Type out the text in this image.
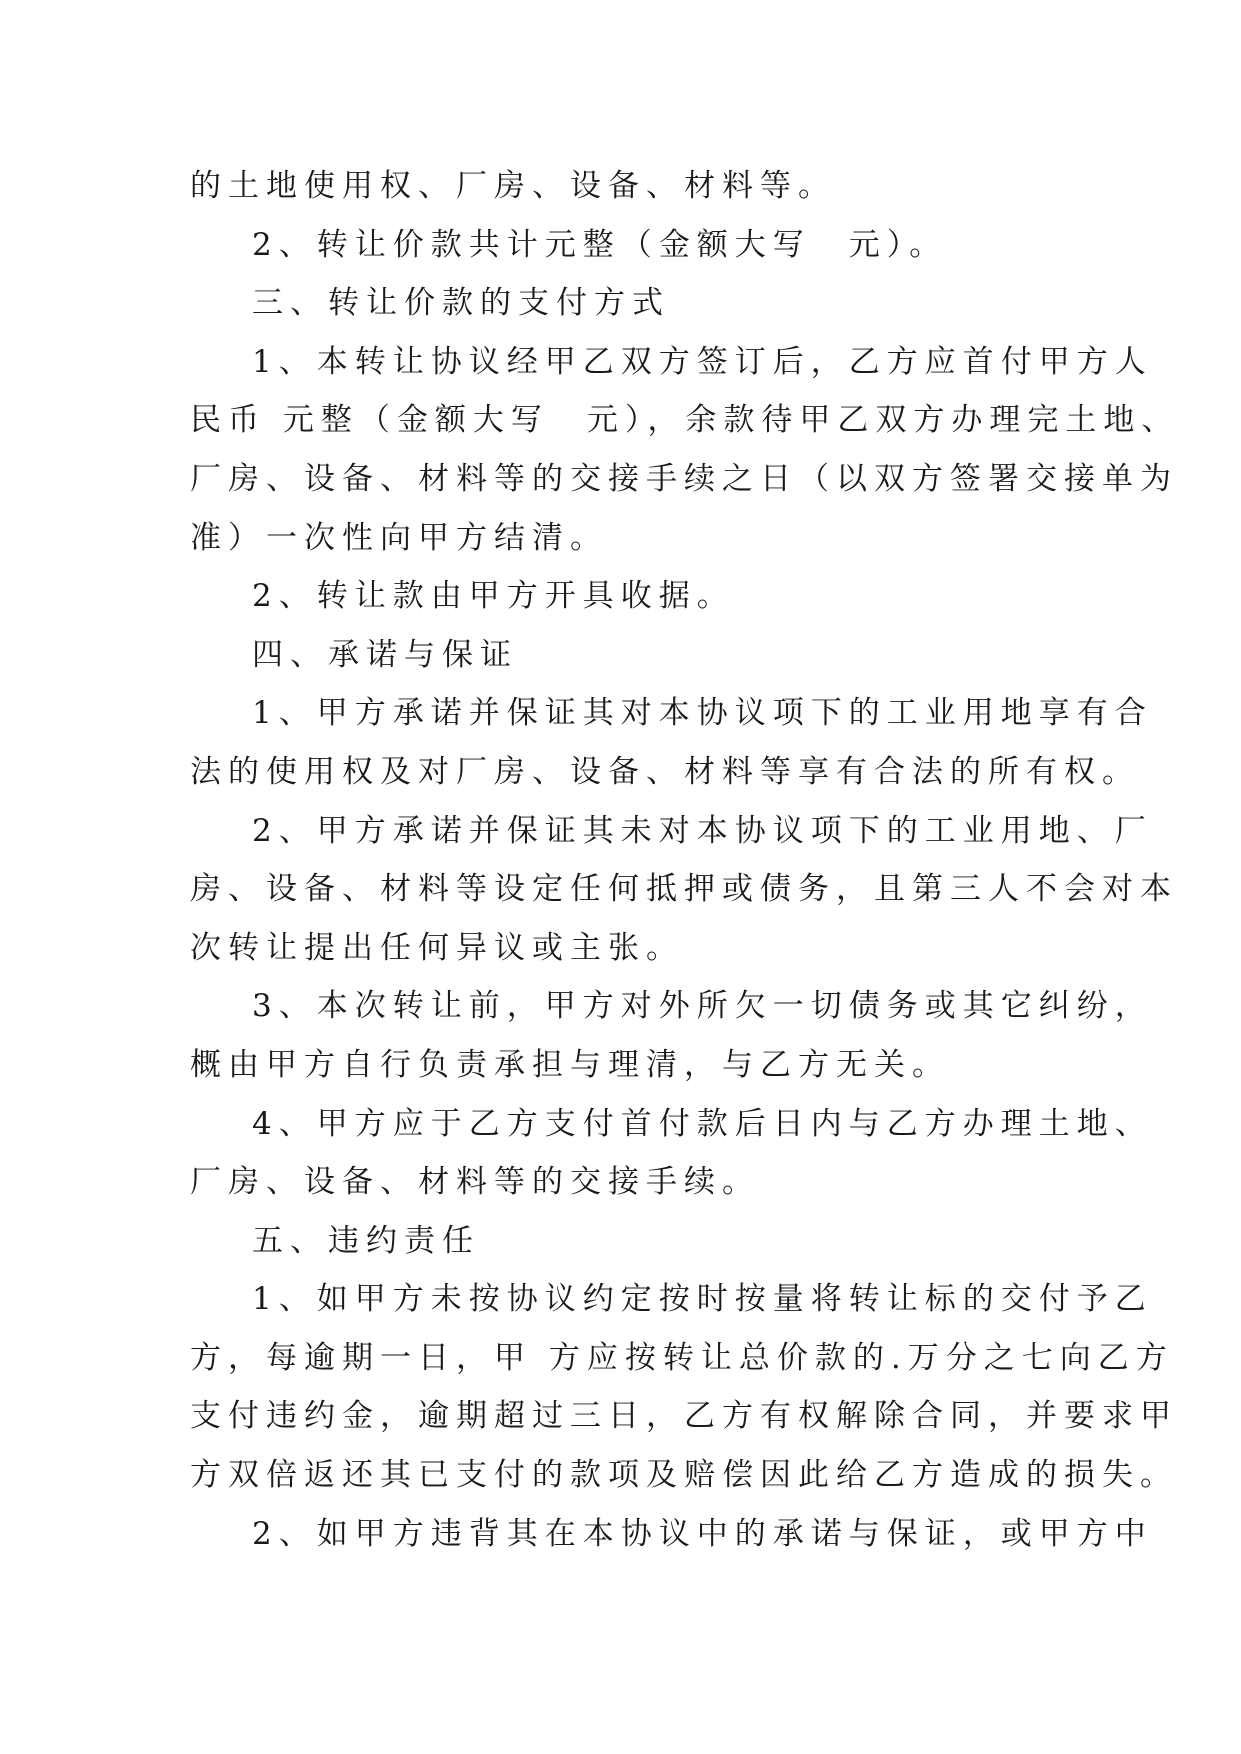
的土地使用权、厂房、设备、材料等。
2、转让价款共计元整（金额大写　元）。
三、转让价款的支付方式
1、本转让协议经甲乙双方签订后，乙方应首付甲方人
民币 元整（金额大写　元），余款待甲乙双方办理完土地、
厂房、设备、材料等的交接手续之日（以双方签署交接单为
准）一次性向甲方结清。
2、转让款由甲方开具收据。
四、承诺与保证
1、甲方承诺并保证其对本协议项下的工业用地享有合
法的使用权及对厂房、设备、材料等享有合法的所有权。
2、甲方承诺并保证其未对本协议项下的工业用地、厂
房、设备、材料等设定任何抵押或债务，且第三人不会对本
次转让提出任何异议或主张。
3、本次转让前，甲方对外所欠一切债务或其它纠纷，
概由甲方自行负责承担与理清，与乙方无关。
4、甲方应于乙方支付首付款后日内与乙方办理土地、
厂房、设备、材料等的交接手续。
五、违约责任
1、如甲方未按协议约定按时按量将转让标的交付予乙
方，每逾期一日，甲 方应按转让总价款的.万分之七向乙方
支付违约金，逾期超过三日，乙方有权解除合同，并要求甲
方双倍返还其已支付的款项及赔偿因此给乙方造成的损失。
2、如甲方违背其在本协议中的承诺与保证，或甲方中
